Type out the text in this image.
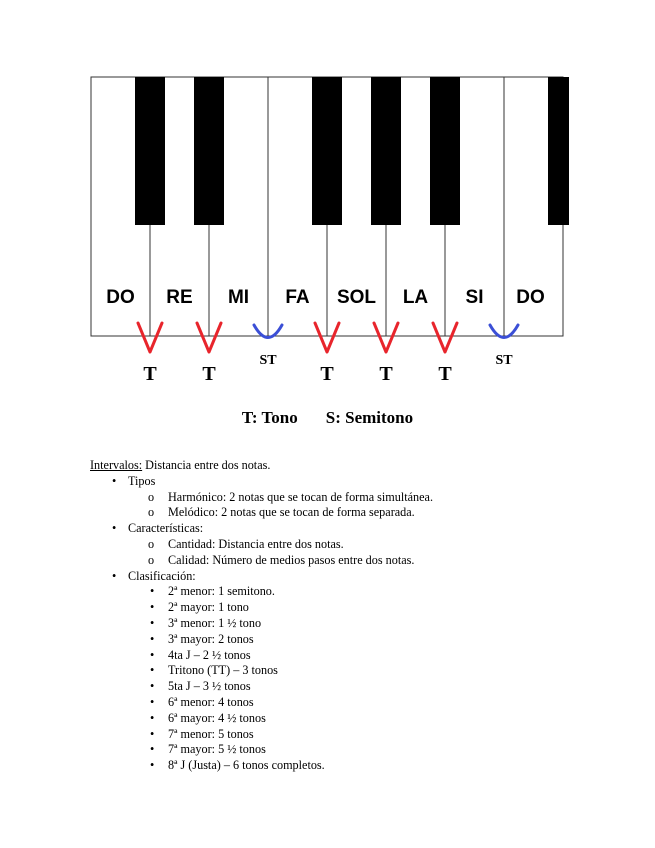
DO RE MI FA SOL LA SI DO
T T
ST
T T T
ST
T: Tono S: Semitono
Intervalos: Distancia entre dos notas.
• Tipos
o Harmónico: 2 notas que se tocan de forma simultánea.
o Melódico: 2 notas que se tocan de forma separada.
• Características:
o Cantidad: Distancia entre dos notas.
o Calidad: Número de medios pasos entre dos notas.
• Clasificación:
• 2ª menor: 1 semitono.
• 2ª mayor: 1 tono
• 3ª menor: 1 ½ tono
• 3ª mayor: 2 tonos
• 4ta J – 2 ½ tonos
• Tritono (TT) – 3 tonos
• 5ta J – 3 ½ tonos
• 6ª menor: 4 tonos
• 6ª mayor: 4 ½ tonos
• 7ª menor: 5 tonos
• 7ª mayor: 5 ½ tonos
• 8ª J (Justa) – 6 tonos completos.
